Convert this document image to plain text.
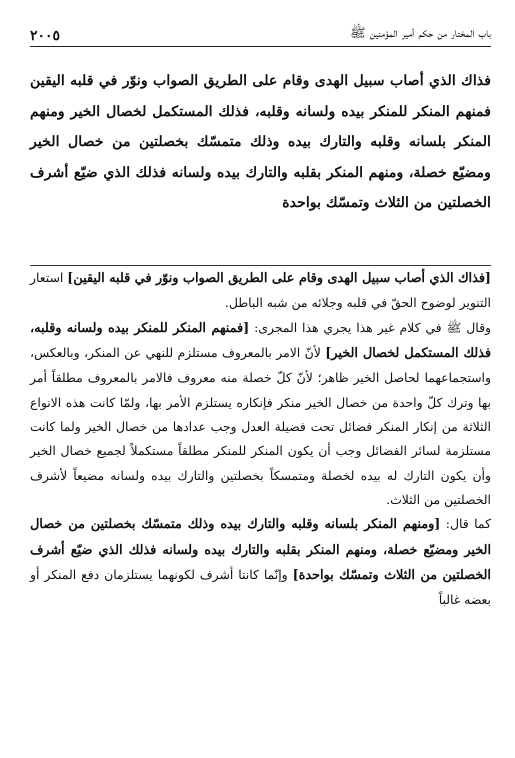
باب المختار من حكم أمير المؤمنين ﷺ
٢٠٠٥
فذاك الذي أصاب سبيل الهدى وقام على الطريق الصواب ونوّر في قلبه اليقين فمنهم المنكر للمنكر بيده ولسانه وقلبه، فذلك المستكمل لخصال الخير ومنهم المنكر بلسانه وقلبه والتارك بيده وذلك متمسّك بخصلتين من خصال الخير ومضيّع خصلة، ومنهم المنكر بقلبه والتارك بيده ولسانه فذلك الذي ضيّع أشرف الخصلتين من الثلاث وتمسّك بواحدة

[فذاك الذي أصاب سبيل الهدى وقام على الطريق الصواب ونوّر في قلبه اليقين] استعار التنوير لوضوح الحقّ في قلبه وجلائه من شبه الباطل.

وقال ﷺ في كلام غير هذا يجري هذا المجرى: [فمنهم المنكر للمنكر بيده ولسانه وقلبه، فذلك المستكمل لخصال الخير] لأنّ الامر بالمعروف مستلزم للنهي عن المنكر، وبالعكس، واستجماعهما لحاصل الخير ظاهر؛ لأنّ كلّ خصلة منه معروف فالامر بالمعروف مطلقاً أمر بها وترك كلّ واحدة من خصال الخير منكر فإنكاره يستلزم الأمر بها، ولمّا كانت هذه الانواع الثلاثة من إنكار المنكر فضائل تحت فضيلة العدل وجب عدادها من خصال الخير ولما كانت مستلزمة لسائر الفضائل وجب أن يكون المنكر للمنكر مطلقاً مستكملاً لجميع خصال الخير وأن يكون التارك له بيده لخصلة ومتمسكاً بخصلتين والتارك بيده ولسانه مضيعاً لأشرف الخصلتين من الثلاث.

كما قال: [ومنهم المنكر بلسانه وقلبه والتارك بيده وذلك متمسّك بخصلتين من خصال الخير ومضيّع خصلة، ومنهم المنكر بقلبه والتارك بيده ولسانه فذلك الذي ضيّع أشرف الخصلتين من الثلاث وتمسّك بواحدة] وإنّما كانتا أشرف لكونهما يستلزمان دفع المنكر أو بعضه غالباً
